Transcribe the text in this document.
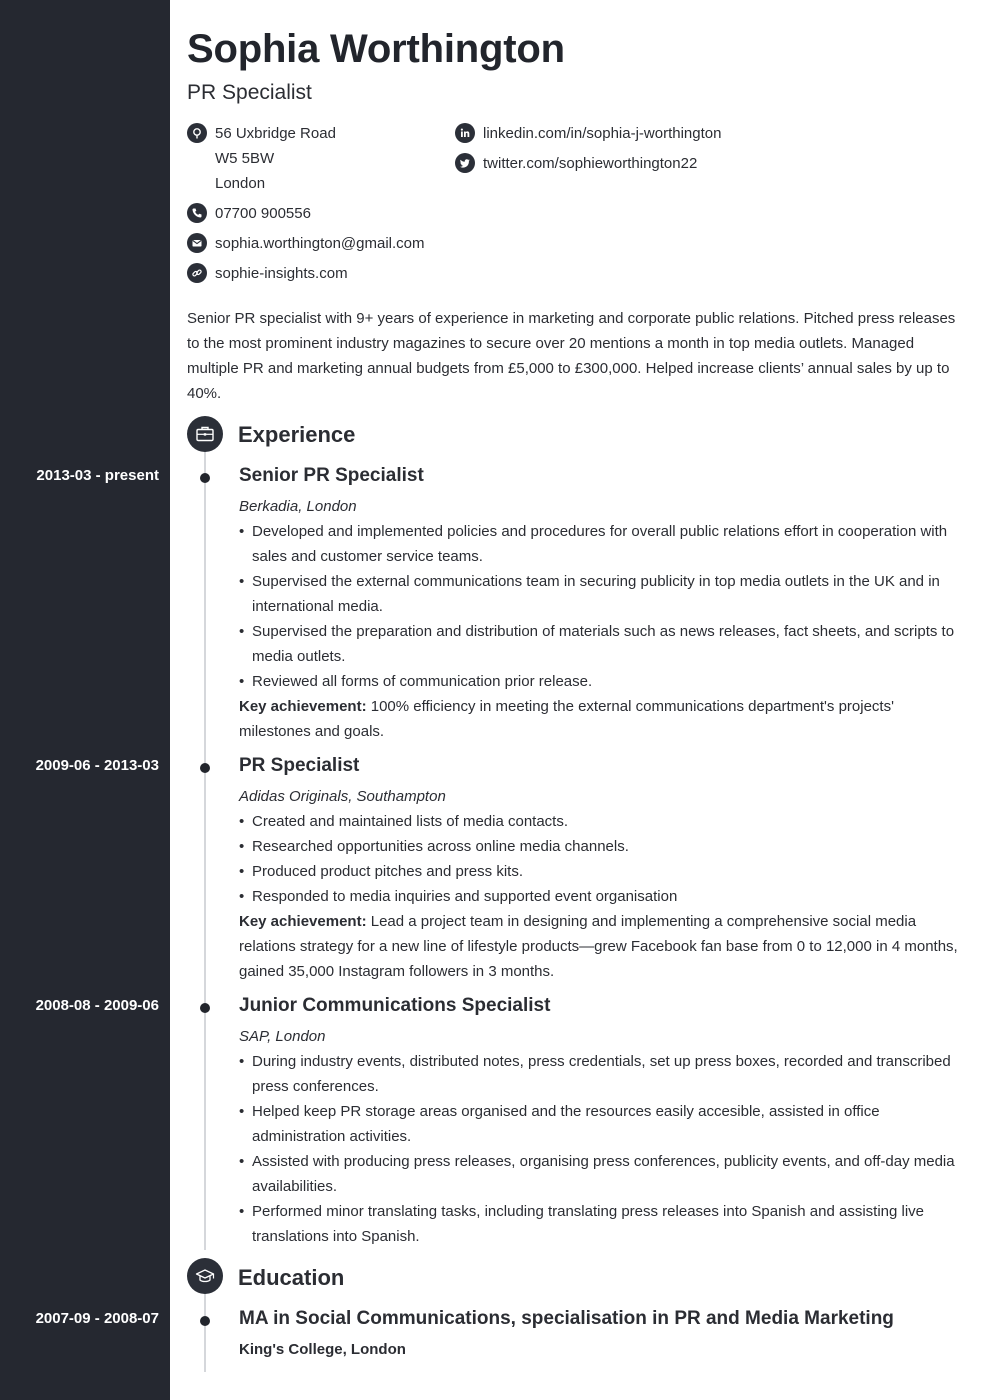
Sophia Worthington
PR Specialist
56 Uxbridge Road
W5 5BW
London
07700 900556
sophia.worthington@gmail.com
sophie-insights.com
linkedin.com/in/sophia-j-worthington
twitter.com/sophieworthington22

Senior PR specialist with 9+ years of experience in marketing and corporate public relations. Pitched press releases to the most prominent industry magazines to secure over 20 mentions a month in top media outlets. Managed multiple PR and marketing annual budgets from £5,000 to £300,000. Helped increase clients’ annual sales by up to 40%.

Experience
2013-03 - present	Senior PR Specialist
Berkadia, London
• Developed and implemented policies and procedures for overall public relations effort in cooperation with sales and customer service teams.
• Supervised the external communications team in securing publicity in top media outlets in the UK and in international media.
• Supervised the preparation and distribution of materials such as news releases, fact sheets, and scripts to media outlets.
• Reviewed all forms of communication prior release.

Key achievement: 100% efficiency in meeting the external communications department's projects' milestones and goals.

2009-06 - 2013-03	PR Specialist
Adidas Originals, Southampton
• Created and maintained lists of media contacts.
• Researched opportunities across online media channels.
• Produced product pitches and press kits.
• Responded to media inquiries and supported event organisation

Key achievement: Lead a project team in designing and implementing a comprehensive social media relations strategy for a new line of lifestyle products—grew Facebook fan base from 0 to 12,000 in 4 months, gained 35,000 Instagram followers in 3 months.

2008-08 - 2009-06	Junior Communications Specialist
SAP, London
• During industry events, distributed notes, press credentials, set up press boxes, recorded and transcribed press conferences.
• Helped keep PR storage areas organised and the resources easily accesible, assisted in office administration activities.
• Assisted with producing press releases, organising press conferences, publicity events, and off-day media availabilities.
• Performed minor translating tasks, including translating press releases into Spanish and assisting live translations into Spanish.
Education
2007-09 - 2008-07	MA in Social Communications, specialisation in PR and Media Marketing
King's College, London
